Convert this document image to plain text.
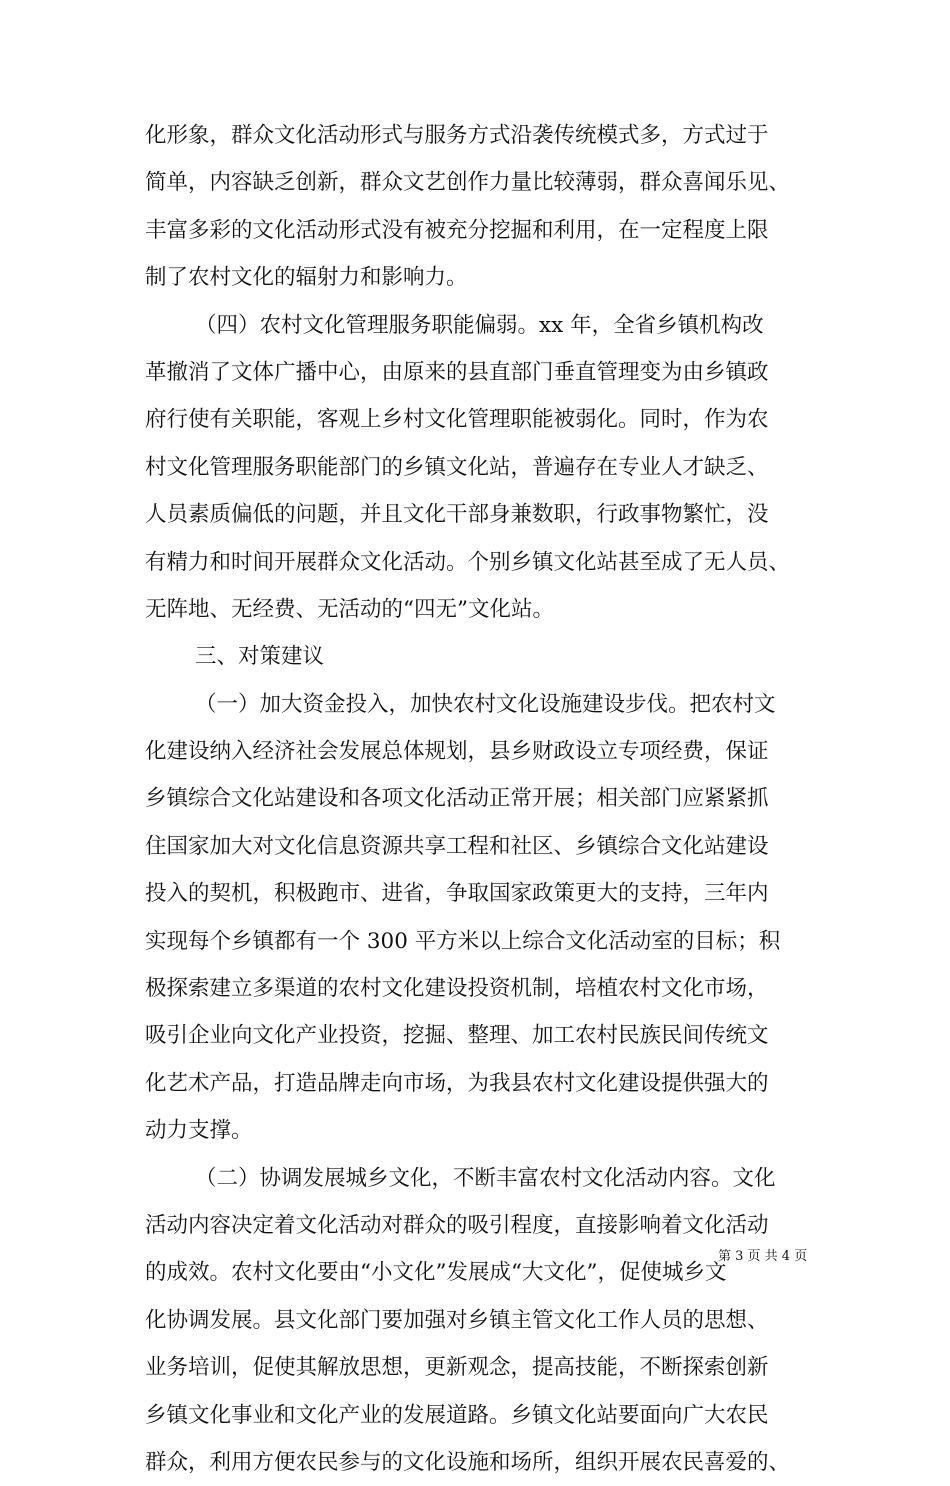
化形象，群众文化活动形式与服务方式沿袭传统模式多，方式过于
简单，内容缺乏创新，群众文艺创作力量比较薄弱，群众喜闻乐见、
丰富多彩的文化活动形式没有被充分挖掘和利用，在一定程度上限
制了农村文化的辐射力和影响力。
（四）农村文化管理服务职能偏弱。xx 年，全省乡镇机构改
革撤消了文体广播中心，由原来的县直部门垂直管理变为由乡镇政
府行使有关职能，客观上乡村文化管理职能被弱化。同时，作为农
村文化管理服务职能部门的乡镇文化站，普遍存在专业人才缺乏、
人员素质偏低的问题，并且文化干部身兼数职，行政事物繁忙，没
有精力和时间开展群众文化活动。个别乡镇文化站甚至成了无人员、
无阵地、无经费、无活动的“四无”文化站。
三、对策建议
（一）加大资金投入，加快农村文化设施建设步伐。把农村文
化建设纳入经济社会发展总体规划，县乡财政设立专项经费，保证
乡镇综合文化站建设和各项文化活动正常开展；相关部门应紧紧抓
住国家加大对文化信息资源共享工程和社区、乡镇综合文化站建设
投入的契机，积极跑市、进省，争取国家政策更大的支持，三年内
实现每个乡镇都有一个 300 平方米以上综合文化活动室的目标；积
极探索建立多渠道的农村文化建设投资机制，培植农村文化市场，
吸引企业向文化产业投资，挖掘、整理、加工农村民族民间传统文
化艺术产品，打造品牌走向市场，为我县农村文化建设提供强大的
动力支撑。
（二）协调发展城乡文化，不断丰富农村文化活动内容。文化
活动内容决定着文化活动对群众的吸引程度，直接影响着文化活动
的成效。农村文化要由“小文化”发展成“大文化”，促使城乡文
化协调发展。县文化部门要加强对乡镇主管文化工作人员的思想、
业务培训，促使其解放思想，更新观念，提高技能，不断探索创新
乡镇文化事业和文化产业的发展道路。乡镇文化站要面向广大农民
群众，利用方便农民参与的文化设施和场所，组织开展农民喜爱的、
第 3 页 共 4 页
